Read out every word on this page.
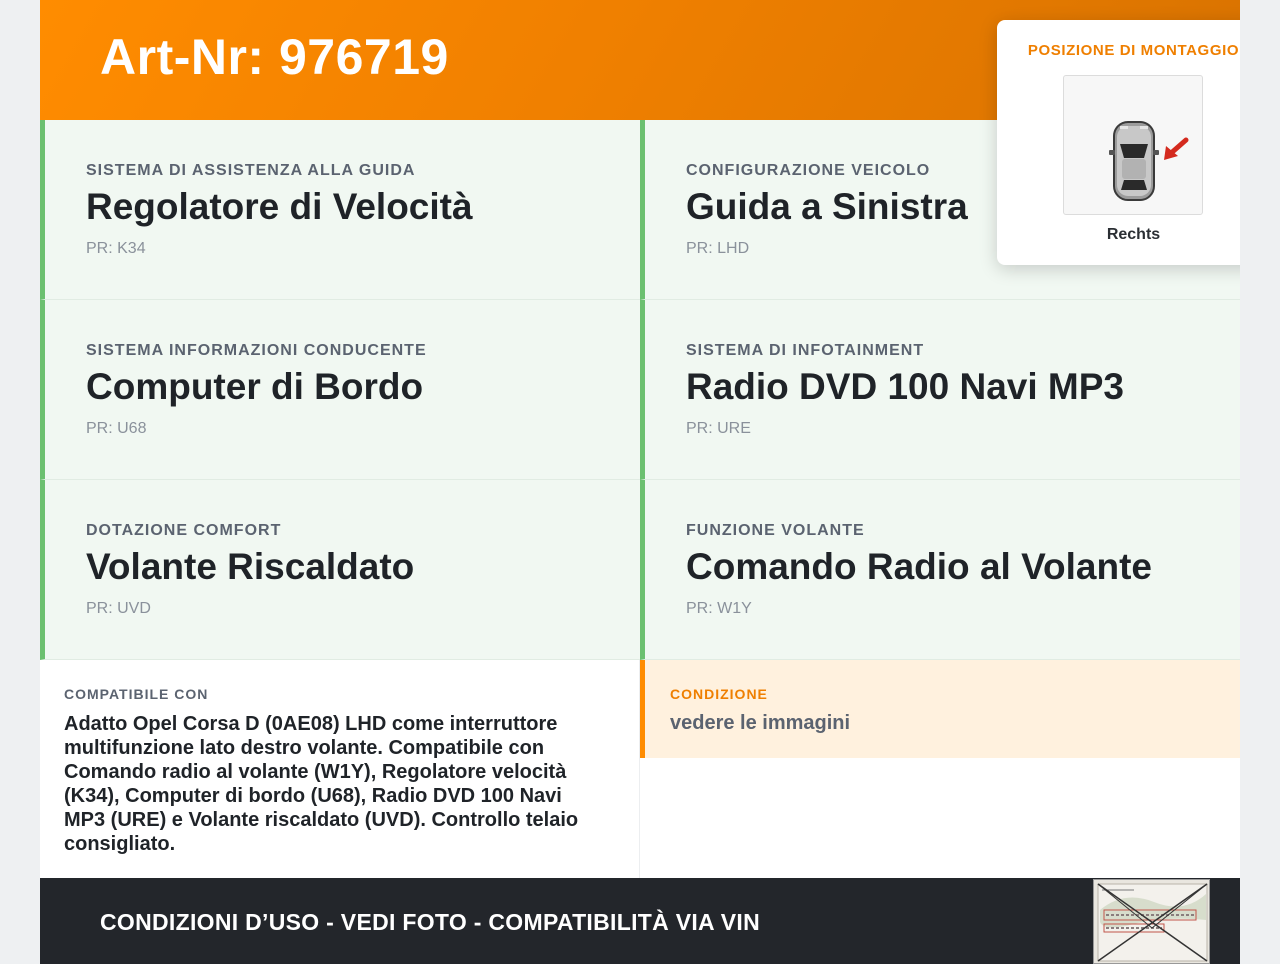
Art-Nr: 976719
SISTEMA DI ASSISTENZA ALLA GUIDA
Regolatore di Velocità
PR: K34
CONFIGURAZIONE VEICOLO
Guida a Sinistra
PR: LHD
SISTEMA INFORMAZIONI CONDUCENTE
Computer di Bordo
PR: U68
SISTEMA DI INFOTAINMENT
Radio DVD 100 Navi MP3
PR: URE
DOTAZIONE COMFORT
Volante Riscaldato
PR: UVD
FUNZIONE VOLANTE
Comando Radio al Volante
PR: W1Y
COMPATIBILE CON
Adatto Opel Corsa D (0AE08) LHD come interruttore multifunzione lato destro volante. Compatibile con Comando radio al volante (W1Y), Regolatore velocità (K34), Computer di bordo (U68), Radio DVD 100 Navi MP3 (URE) e Volante riscaldato (UVD). Controllo telaio consigliato.
CONDIZIONE
vedere le immagini
CONDIZIONI D’USO - VEDI FOTO - COMPATIBILITÀ VIA VIN
POSIZIONE DI MONTAGGIO
Rechts
